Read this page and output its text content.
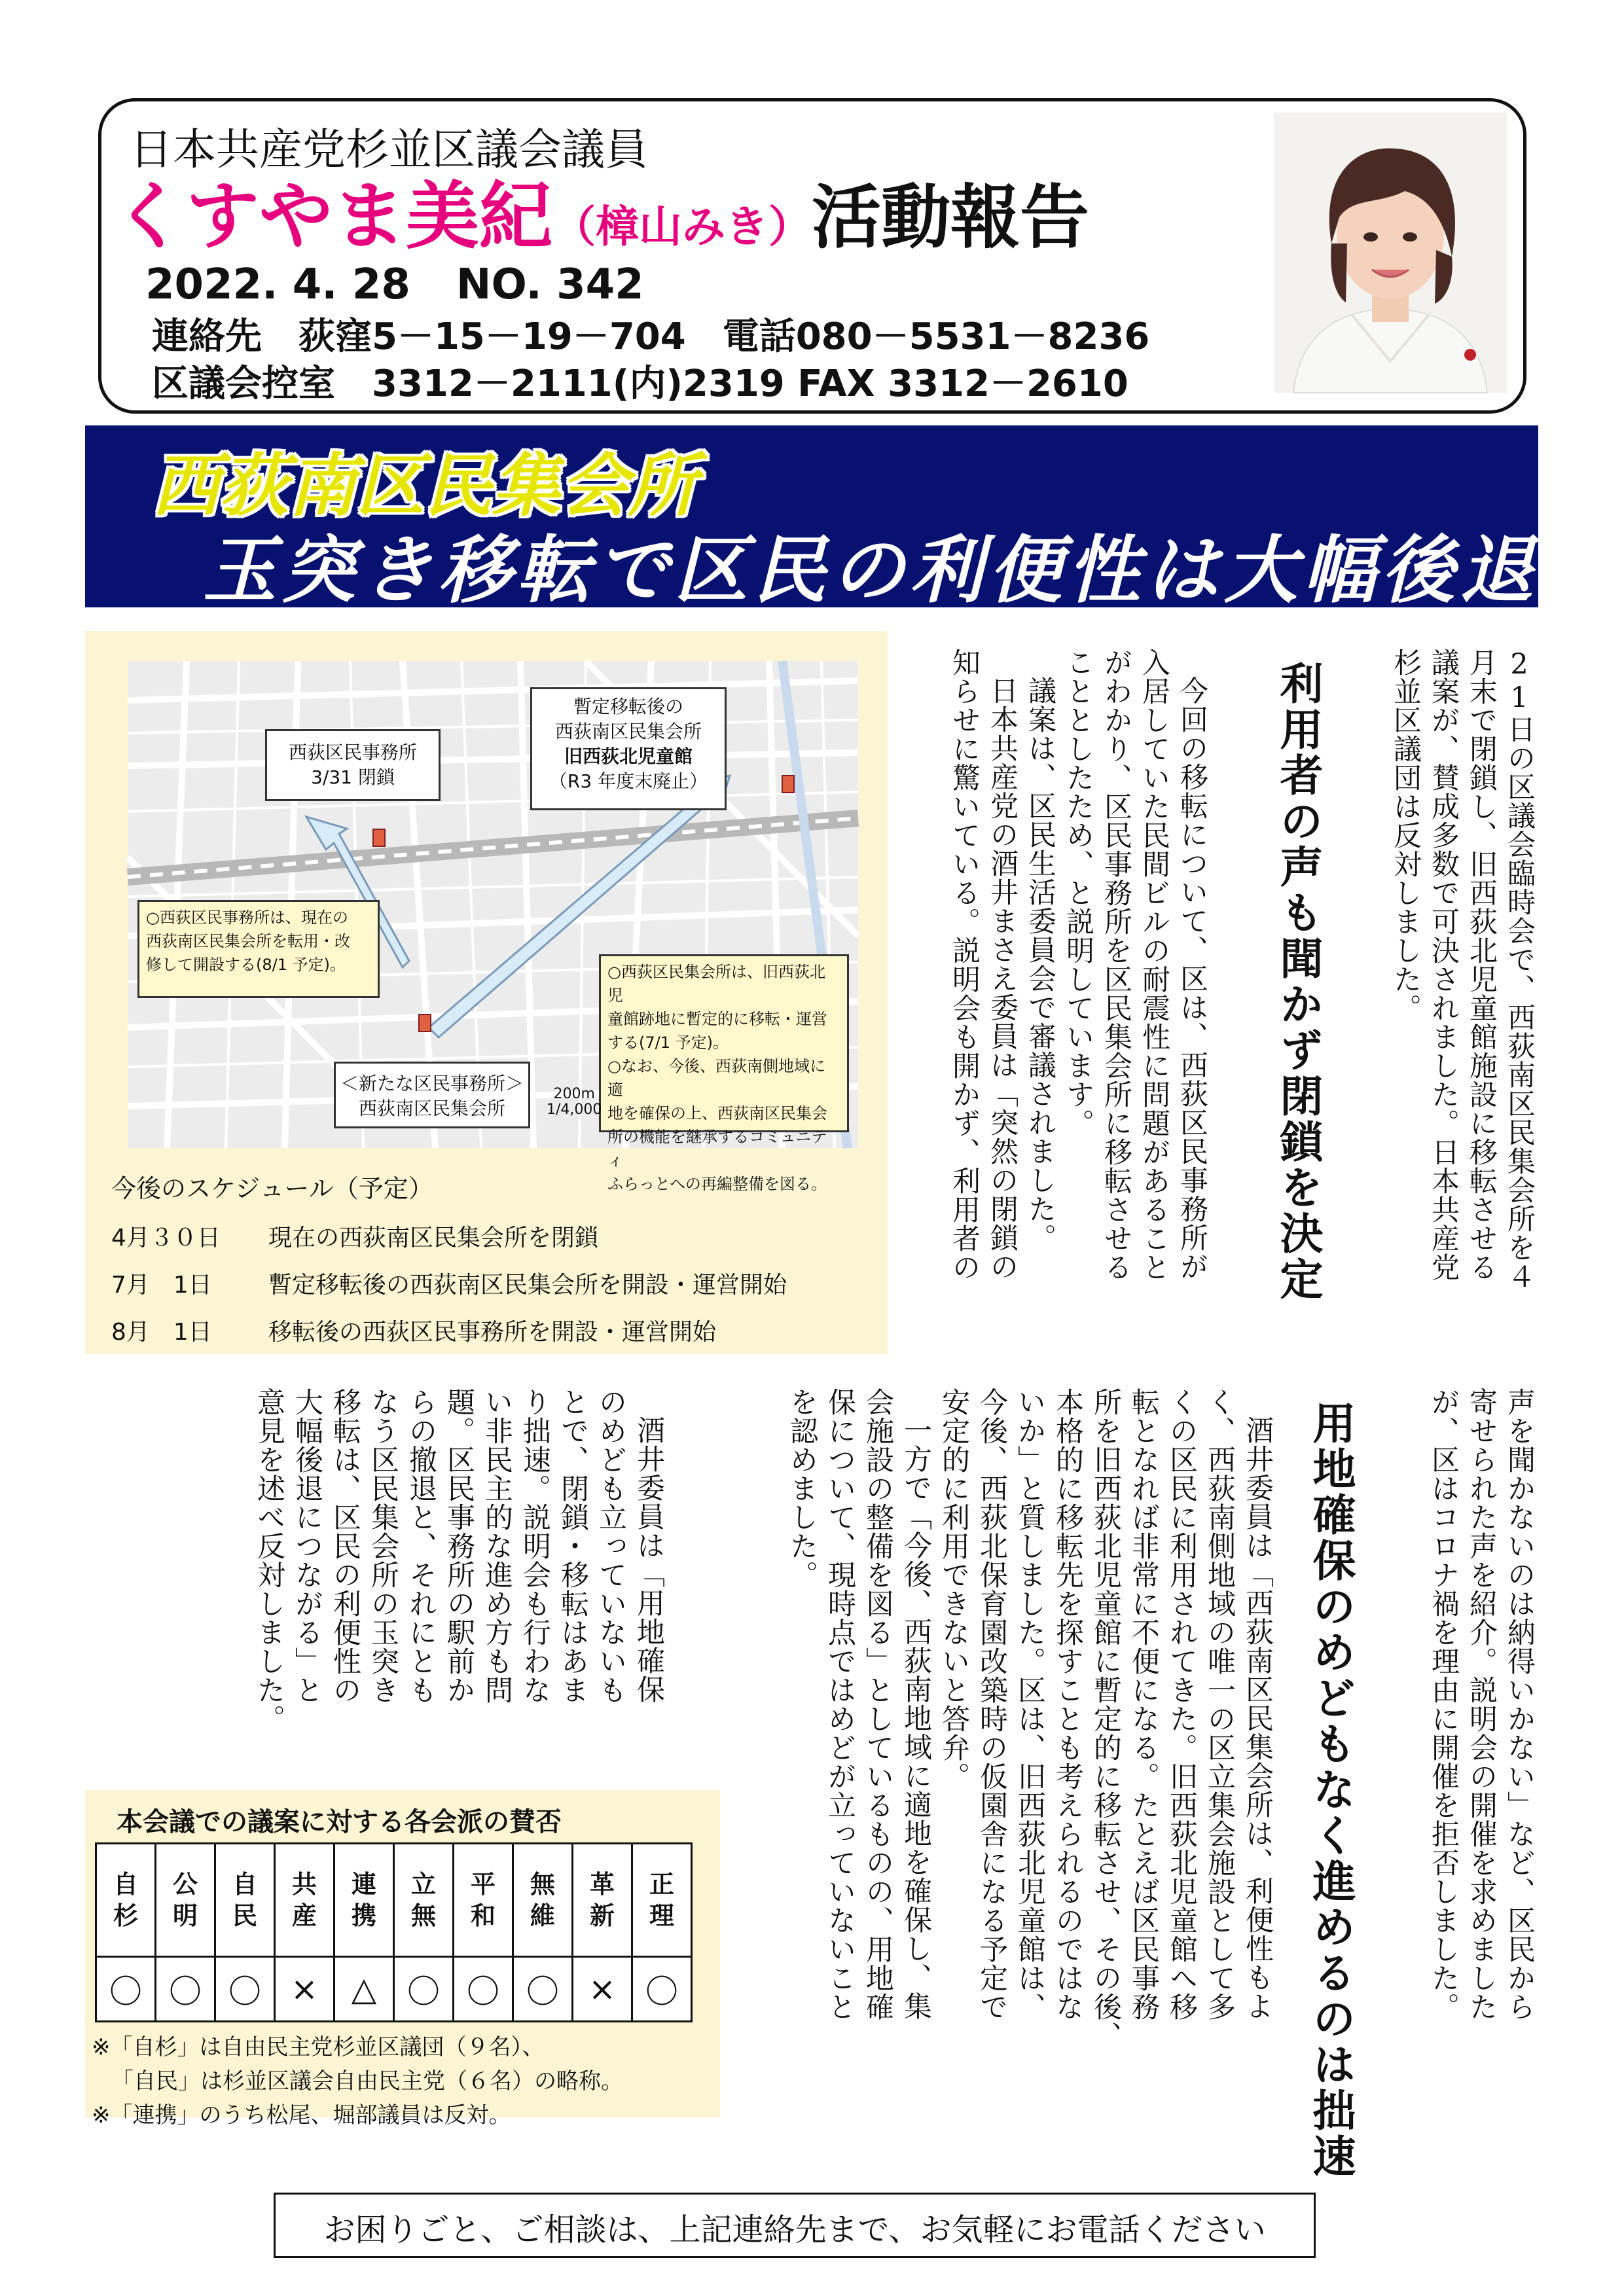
日本共産党杉並区議会議員
くすやま美紀（樟山みき）活動報告
2022. 4. 28 NO. 342
連絡先　荻窪5－15－19－704　電話080－5531－8236
区議会控室　3312－2111(内)2319 FAX 3312－2610
西荻南区民集会所
玉突き移転で区民の利便性は大幅後退
暫定移転後の
西荻南区民集会所
旧西荻北児童館
（R3 年度末廃止）
西荻区民事務所
3/31 閉鎖
＜新たな区民事務所＞
西荻南区民集会所
○西荻区民事務所は、現在の
西荻南区民集会所を転用・改
修して開設する(8/1 予定)。	○西荻区民集会所は、旧西荻北児
童館跡地に暫定的に移転・運営
する(7/1 予定)。
○なお、今後、西荻南側地域に適
地を確保の上、西荻南区民集会
所の機能を継承するコミュニティ
ふらっとへの再編整備を図る。
200m
1/4,000
今後のスケジュール（予定）
4月３０日 現在の西荻南区民集会所を閉鎖
7月　1日 暫定移転後の西荻南区民集会所を開設・運営開始
8月　1日 移転後の西荻区民事務所を開設・運営開始
21日の区議会臨時会で、西荻南区民集会所を４
月末で閉鎖し、旧西荻北児童館施設に移転させる
議案が、賛成多数で可決されました。日本共産党
杉並区議団は反対しました。
利用者の声も聞かず閉鎖を決定
今回の移転について、区は、西荻区民事務所が
入居していた民間ビルの耐震性に問題があること
がわかり、区民事務所を区民集会所に移転させる
こととしたため、と説明しています。
議案は、区民生活委員会で審議されました。
日本共産党の酒井まさえ委員は「突然の閉鎖の
知らせに驚いている。説明会も開かず、利用者の
声を聞かないのは納得いかない」など、区民から
寄せられた声を紹介。説明会の開催を求めました
が、区はコロナ禍を理由に開催を拒否しました。
用地確保のめどもなく進めるのは拙速
酒井委員は「西荻南区民集会所は、利便性もよ
く、西荻南側地域の唯一の区立集会施設として多
くの区民に利用されてきた。旧西荻北児童館へ移
転となれば非常に不便になる。たとえば区民事務
所を旧西荻北児童館に暫定的に移転させ、その後、
本格的に移転先を探すことも考えられるのではな
いか」と質しました。区は、旧西荻北児童館は、
今後、西荻北保育園改築時の仮園舎になる予定で
安定的に利用できないと答弁。
一方で「今後、西荻南地域に適地を確保し、集
会施設の整備を図る」としているものの、用地確
保について、現時点ではめどが立っていないこと
を認めました。
酒井委員は「用地確保
のめども立っていないも
とで、閉鎖・移転はあま
り拙速。説明会も行わな
い非民主的な進め方も問
題。区民事務所の駅前か
らの撤退と、それにとも
なう区民集会所の玉突き
移転は、区民の利便性の
大幅後退につながる」と
意見を述べ反対しました。
本会議での議案に対する各会派の賛否
自杉	公明	自民	共産	連携	立無	平和	無維	革新	正理
〇	〇	〇	×	△	〇	〇	〇	×	〇
※「自杉」は自由民主党杉並区議団（９名）、
「自民」は杉並区議会自由民主党（６名）の略称。
※「連携」のうち松尾、堀部議員は反対。
お困りごと、ご相談は、上記連絡先まで、お気軽にお電話ください
